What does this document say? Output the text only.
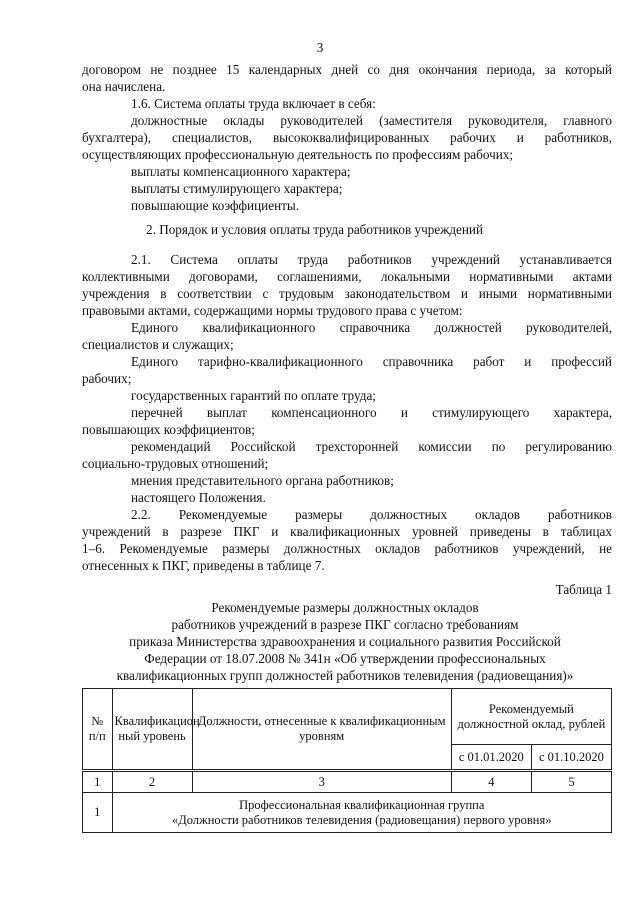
3
договором не позднее 15 календарных дней со дня окончания периода, за который
она начислена.
1.6. Система оплаты труда включает в себя:
должностные оклады руководителей (заместителя руководителя, главного
бухгалтера), специалистов, высококвалифицированных рабочих и работников,
осуществляющих профессиональную деятельность по профессиям рабочих;
выплаты компенсационного характера;
выплаты стимулирующего характера;
повышающие коэффициенты.
2. Порядок и условия оплаты труда работников учреждений
2.1. Система оплаты труда работников учреждений устанавливается
коллективными договорами, соглашениями, локальными нормативными актами
учреждения в соответствии с трудовым законодательством и иными нормативными
правовыми актами, содержащими нормы трудового права с учетом:
Единого квалификационного справочника должностей руководителей,
специалистов и служащих;
Единого тарифно-квалификационного справочника работ и профессий
рабочих;
государственных гарантий по оплате труда;
перечней выплат компенсационного и стимулирующего характера,
повышающих коэффициентов;
рекомендаций Российской трехсторонней комиссии по регулированию
социально-трудовых отношений;
мнения представительного органа работников;
настоящего Положения.
2.2. Рекомендуемые размеры должностных окладов работников
учреждений в разрезе ПКГ и квалификационных уровней приведены в таблицах
1–6. Рекомендуемые размеры должностных окладов работников учреждений, не
отнесенных к ПКГ, приведены в таблице 7.
Таблица 1
Рекомендуемые размеры должностных окладов
работников учреждений в разрезе ПКГ согласно требованиям
приказа Министерства здравоохранения и социального развития Российской
Федерации от 18.07.2008 № 341н «Об утверждении профессиональных
квалификационных групп должностей работников телевидения (радиовещания)»
№ п/п	Квалификацион ный уровень	Должности, отнесенные к квалификационным уровням	Рекомендуемый должностной оклад, рублей	
			с 01.01.2020	с 01.10.2020
1	2	3	4	5
1	Профессиональная квалификационная группа
«Должности работников телевидения (радиовещания) первого уровня»			
